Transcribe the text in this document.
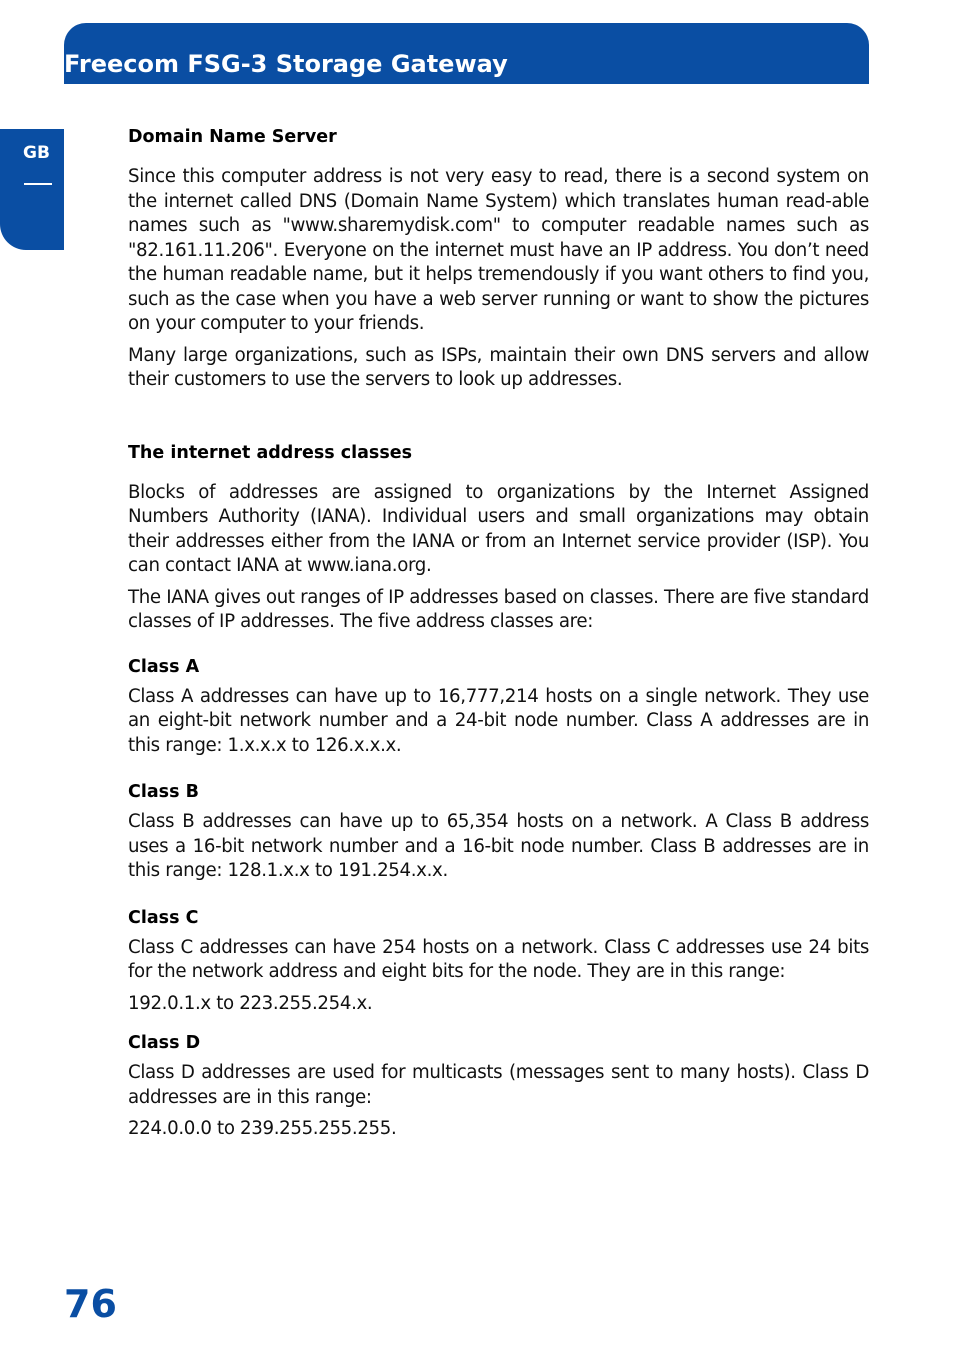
Freecom FSG-3 Storage Gateway
GB
Domain Name Server

Since this computer address is not very easy to read, there is a second system on the internet called DNS (Domain Name System) which translates human read-able names such as "www.sharemydisk.com" to computer readable names such as "82.161.11.206". Everyone on the internet must have an IP address. You don’t need the human readable name, but it helps tremendously if you want others to find you, such as the case when you have a web server running or want to show the pictures on your computer to your friends.

Many large organizations, such as ISPs, maintain their own DNS servers and allow their customers to use the servers to look up addresses.

The internet address classes

Blocks of addresses are assigned to organizations by the Internet Assigned Numbers Authority (IANA). Individual users and small organizations may obtain their addresses either from the IANA or from an Internet service provider (ISP). You can contact IANA at www.iana.org.

The IANA gives out ranges of IP addresses based on classes. There are five standard classes of IP addresses. The five address classes are:

Class A

Class A addresses can have up to 16,777,214 hosts on a single network. They use an eight-bit network number and a 24-bit node number. Class A addresses are in this range: 1.x.x.x to 126.x.x.x.

Class B

Class B addresses can have up to 65,354 hosts on a network. A Class B address uses a 16-bit network number and a 16-bit node number. Class B addresses are in this range: 128.1.x.x to 191.254.x.x.

Class C

Class C addresses can have 254 hosts on a network. Class C addresses use 24 bits for the network address and eight bits for the node. They are in this range:

192.0.1.x to 223.255.254.x.

Class D

Class D addresses are used for multicasts (messages sent to many hosts). Class D addresses are in this range:

224.0.0.0 to 239.255.255.255.

76
